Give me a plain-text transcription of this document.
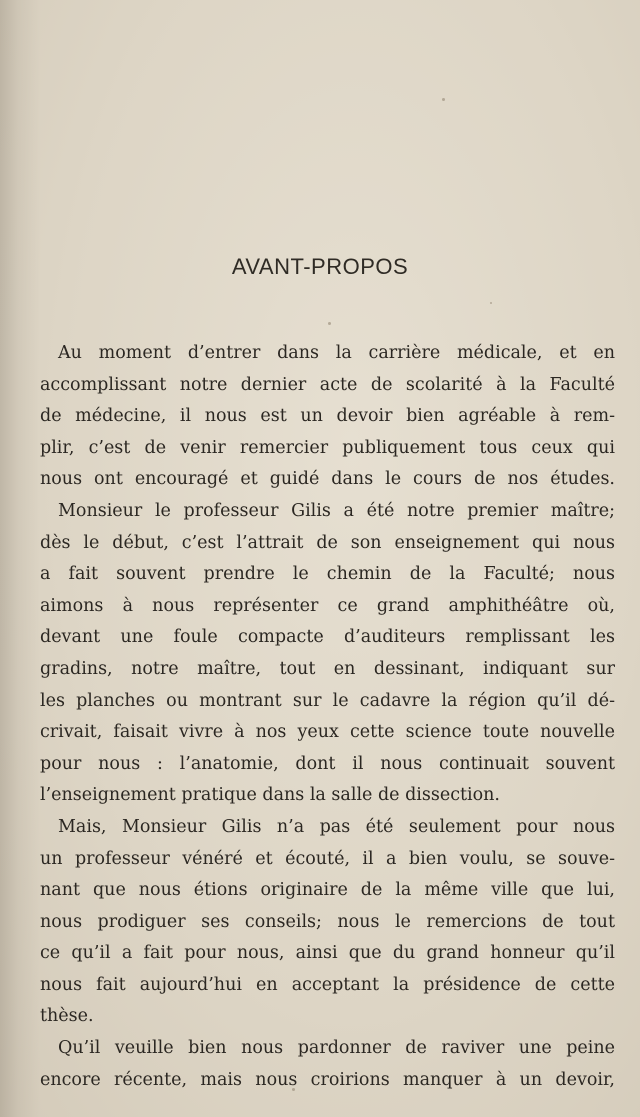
AVANT-PROPOS
Au moment d’entrer dans la carrière médicale, et en
accomplissant notre dernier acte de scolarité à la Faculté
de médecine, il nous est un devoir bien agréable à rem-
plir, c’est de venir remercier publiquement tous ceux qui
nous ont encouragé et guidé dans le cours de nos études.
Monsieur le professeur Gilis a été notre premier maître;
dès le début, c’est l’attrait de son enseignement qui nous
a fait souvent prendre le chemin de la Faculté; nous
aimons à nous représenter ce grand amphithéâtre où,
devant une foule compacte d’auditeurs remplissant les
gradins, notre maître, tout en dessinant, indiquant sur
les planches ou montrant sur le cadavre la région qu’il dé-
crivait, faisait vivre à nos yeux cette science toute nouvelle
pour nous : l’anatomie, dont il nous continuait souvent
l’enseignement pratique dans la salle de dissection.
Mais, Monsieur Gilis n’a pas été seulement pour nous
un professeur vénéré et écouté, il a bien voulu, se souve-
nant que nous étions originaire de la même ville que lui,
nous prodiguer ses conseils; nous le remercions de tout
ce qu’il a fait pour nous, ainsi que du grand honneur qu’il
nous fait aujourd’hui en acceptant la présidence de cette
thèse.
Qu’il veuille bien nous pardonner de raviver une peine
encore récente, mais nous croirions manquer à un devoir,
